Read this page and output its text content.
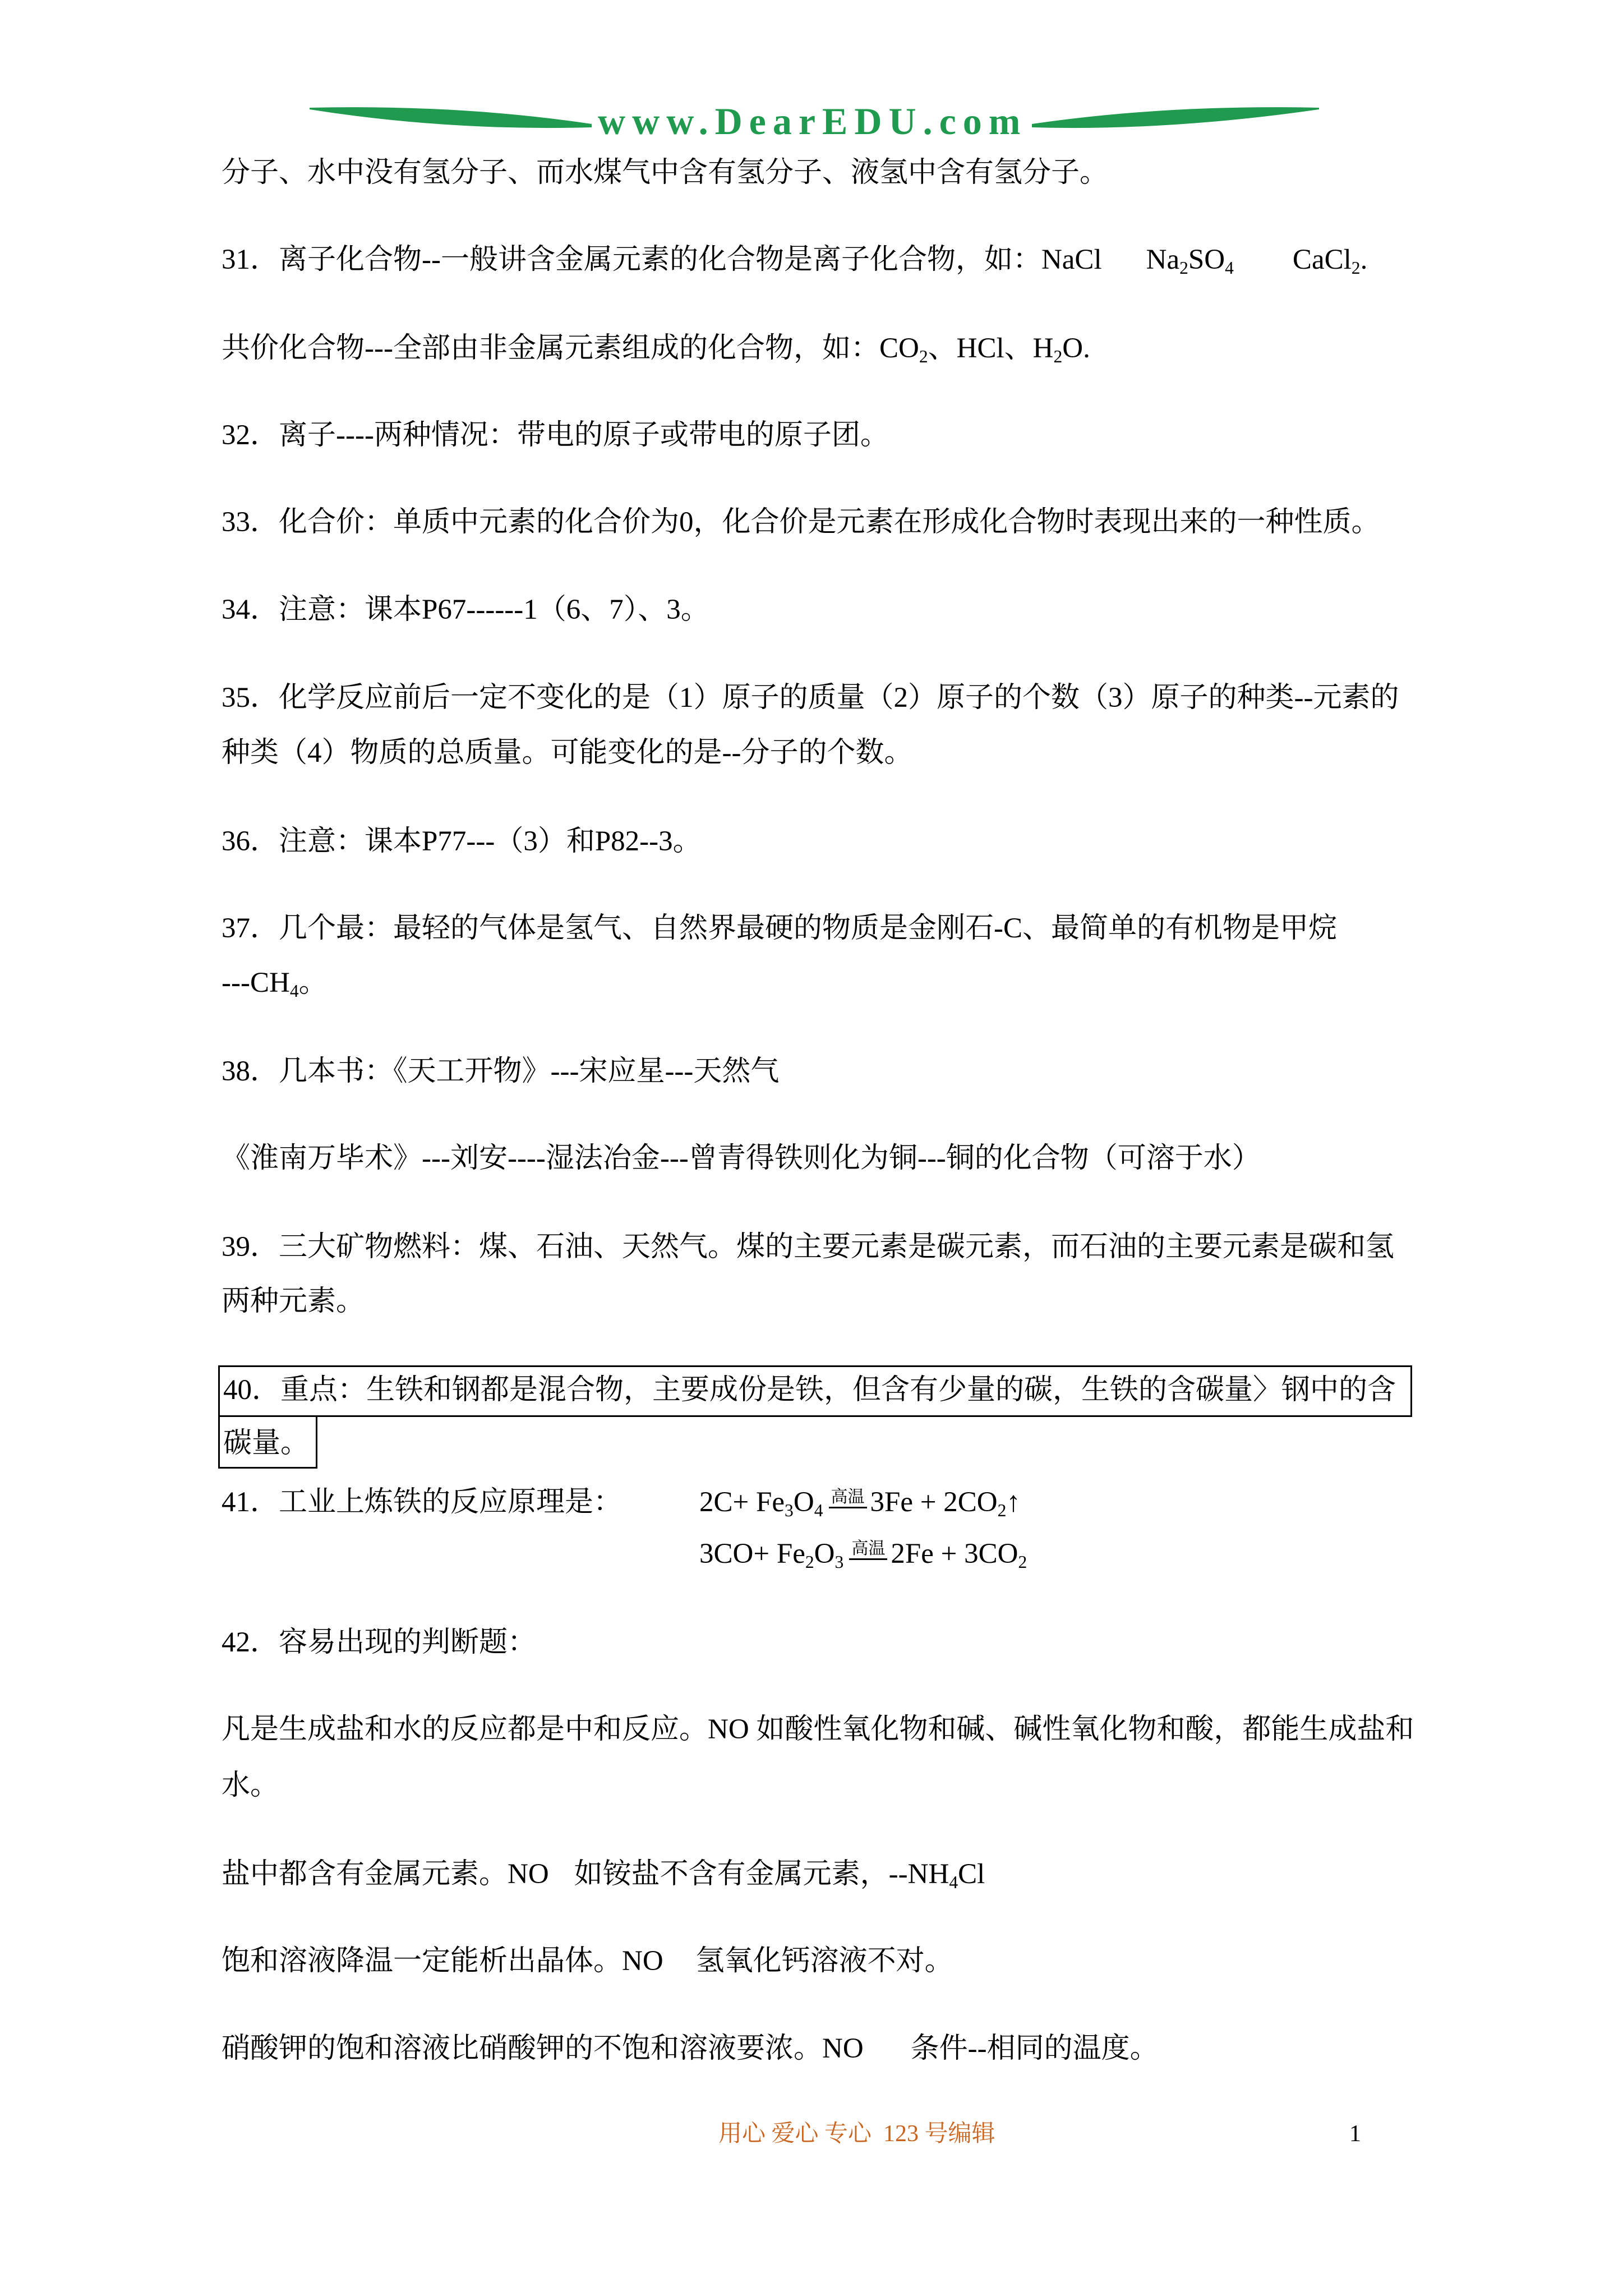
www.DearEDU.com
分子、水中没有氢分子、而水煤气中含有氢分子、液氢中含有氢分子。
31．离子化合物--一般讲含金属元素的化合物是离子化合物，如：NaCl Na2SO4 CaCl2.
共价化合物---全部由非金属元素组成的化合物，如：CO2、HCl、H2O.
32．离子----两种情况：带电的原子或带电的原子团。
33．化合价：单质中元素的化合价为0，化合价是元素在形成化合物时表现出来的一种性质。
34．注意：课本P67------1（6、7）、3。
35．化学反应前后一定不变化的是（1）原子的质量（2）原子的个数（3）原子的种类--元素的
种类（4）物质的总质量。可能变化的是--分子的个数。
36．注意：课本P77---（3）和P82--3。
37．几个最：最轻的气体是氢气、自然界最硬的物质是金刚石-C、最简单的有机物是甲烷
---CH4。
38．几本书：《天工开物》---宋应星---天然气
《淮南万毕术》---刘安----湿法冶金---曾青得铁则化为铜---铜的化合物（可溶于水）
39．三大矿物燃料：煤、石油、天然气。煤的主要元素是碳元素，而石油的主要元素是碳和氢
两种元素。
40．重点：生铁和钢都是混合物，主要成份是铁，但含有少量的碳，生铁的含碳量〉钢中的含
碳量。
41．工业上炼铁的反应原理是：	2C+ Fe3O4高温 3Fe + 2CO2↑
3CO+ Fe2O3高温 2Fe + 3CO2
42．容易出现的判断题：
凡是生成盐和水的反应都是中和反应。NO 如酸性氧化物和碱、碱性氧化物和酸，都能生成盐和
水。
盐中都含有金属元素。NO 如铵盐不含有金属元素，--NH4Cl
饱和溶液降温一定能析出晶体。NO 氢氧化钙溶液不对。
硝酸钾的饱和溶液比硝酸钾的不饱和溶液要浓。NO 条件--相同的温度。
用心 爱心 专心  123 号编辑	1
